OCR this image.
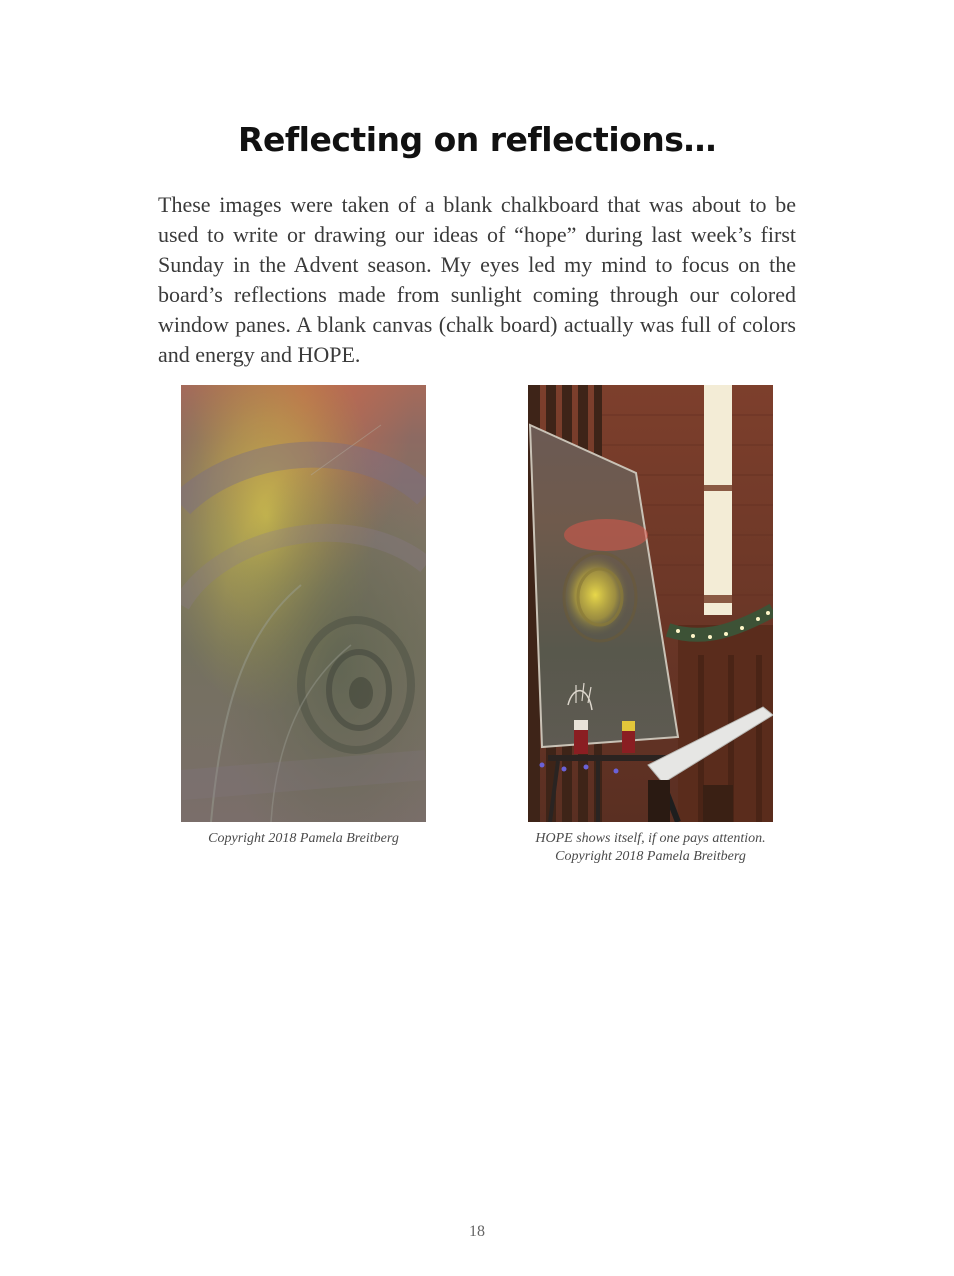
Reflecting on reflections…

These images were taken of a blank chalkboard that was about to be used to write or drawing our ideas of “hope” during last week’s first Sunday in the Advent season. My eyes led my mind to focus on the board’s reflections made from sunlight coming through our colored window panes. A blank canvas (chalk board) actually was full of colors and energy and HOPE.

Copyright 2018 Pamela Breitberg	HOPE shows itself, if one pays attention.
Copyright 2018 Pamela Breitberg
18
